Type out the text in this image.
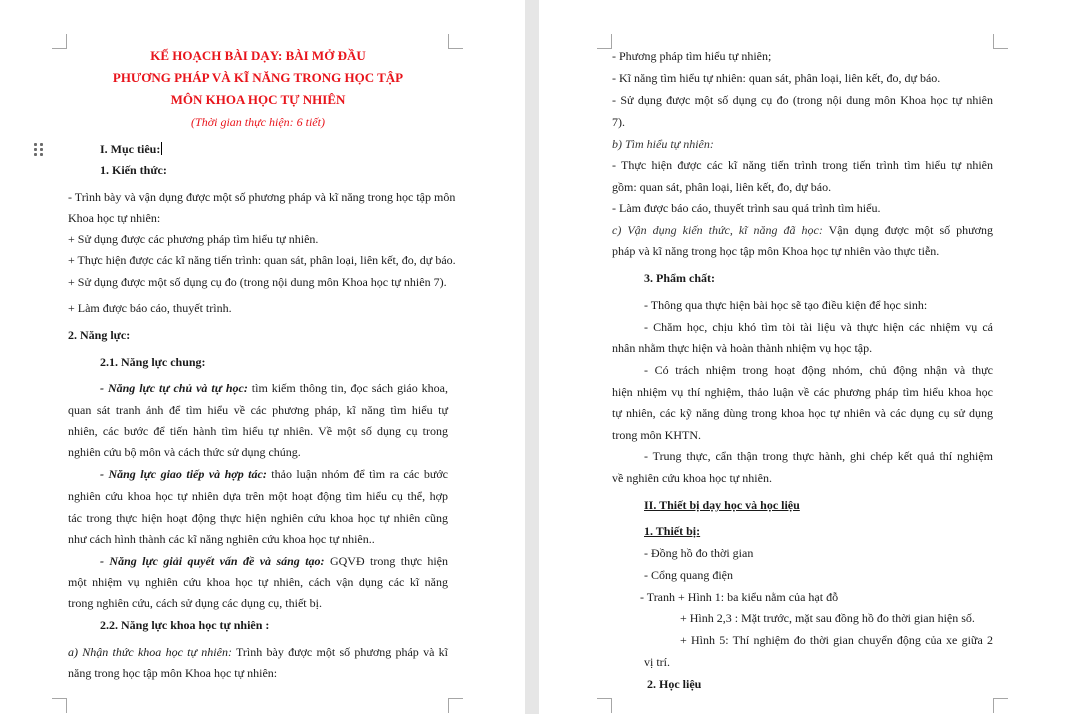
KẾ HOẠCH BÀI DẠY: BÀI MỞ ĐẦU
PHƯƠNG PHÁP VÀ KĨ NĂNG TRONG HỌC TẬP
MÔN KHOA HỌC TỰ NHIÊN
(Thời gian thực hiện: 6 tiết)
I. Mục tiêu:
1. Kiến thức:
- Trình bày và vận dụng được một số phương pháp và kĩ năng trong học tập môn
Khoa học tự nhiên:
+ Sử dụng được các phương pháp tìm hiểu tự nhiên.
+ Thực hiện được các kĩ năng tiến trình: quan sát, phân loại, liên kết, đo, dự báo.
+ Sử dụng được một số dụng cụ đo (trong nội dung môn Khoa học tự nhiên 7).
+ Làm được báo cáo, thuyết trình.
2. Năng lực:
2.1. Năng lực chung:
- Năng lực tự chủ và tự học: tìm kiếm thông tin, đọc sách giáo khoa,
quan sát tranh ảnh để tìm hiểu về các phương pháp, kĩ năng tìm hiểu tự
nhiên, các bước để tiến hành tìm hiểu tự nhiên. Về một số dụng cụ trong
nghiên cứu bộ môn và cách thức sử dụng chúng.
- Năng lực giao tiếp và hợp tác: thảo luận nhóm để tìm ra các bước
nghiên cứu khoa học tự nhiên dựa trên một hoạt động tìm hiểu cụ thể, hợp
tác trong thực hiện hoạt động thực hiện nghiên cứu khoa học tự nhiên cũng
như cách hình thành các kĩ năng nghiên cứu khoa học tự nhiên..
- Năng lực giải quyết vấn đề và sáng tạo: GQVĐ trong thực hiện
một nhiệm vụ nghiên cứu khoa học tự nhiên, cách vận dụng các kĩ năng
trong nghiên cứu, cách sử dụng các dụng cụ, thiết bị.
2.2. Năng lực khoa học tự nhiên :
a) Nhận thức khoa học tự nhiên: Trình bày được một số phương pháp và kĩ
năng trong học tập môn Khoa học tự nhiên:
- Phương pháp tìm hiểu tự nhiên;
- Kĩ năng tìm hiểu tự nhiên: quan sát, phân loại, liên kết, đo, dự báo.
- Sử dụng được một số dụng cụ đo (trong nội dung môn Khoa học tự nhiên
7).
b) Tìm hiểu tự nhiên:
- Thực hiện được các kĩ năng tiến trình trong tiến trình tìm hiểu tự nhiên
gồm: quan sát, phân loại, liên kết, đo, dự báo.
- Làm được báo cáo, thuyết trình sau quá trình tìm hiểu.
c) Vận dụng kiến thức, kĩ năng đã học: Vận dụng được một số phương
pháp và kĩ năng trong học tập môn Khoa học tự nhiên vào thực tiễn.
3. Phẩm chất:
- Thông qua thực hiện bài học sẽ tạo điều kiện để học sinh:
- Chăm học, chịu khó tìm tòi tài liệu và thực hiện các nhiệm vụ cá
nhân nhằm thực hiện và hoàn thành nhiệm vụ học tập.
- Có trách nhiệm trong hoạt động nhóm, chủ động nhận và thực
hiện nhiệm vụ thí nghiệm, thảo luận về các phương pháp tìm hiểu khoa học
tự nhiên, các kỹ năng dùng trong khoa học tự nhiên và các dụng cụ sử dụng
trong môn KHTN.
- Trung thực, cẩn thận trong thực hành, ghi chép kết quả thí nghiệm
về nghiên cứu khoa học tự nhiên.
II. Thiết bị dạy học và học liệu
1. Thiết bị:
- Đồng hồ đo thời gian
- Cổng quang điện
- Tranh + Hình 1: ba kiểu nằm của hạt đỗ
+ Hình 2,3 : Mặt trước, mặt sau đồng hồ đo thời gian hiện số.
+ Hình 5: Thí nghiệm đo thời gian chuyển động của xe giữa 2
vị trí.
2. Học liệu
